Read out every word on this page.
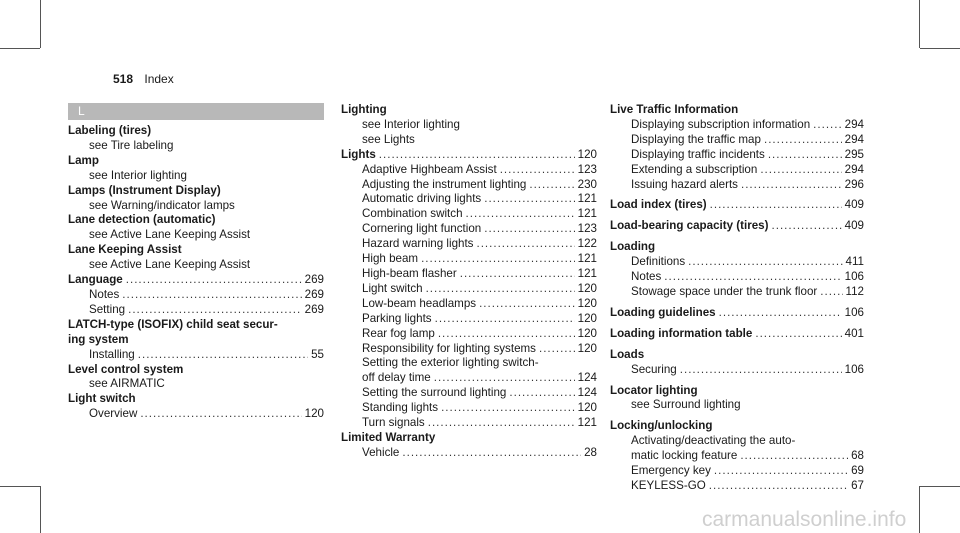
518 Index
L
Labeling (tires)
see Tire labeling
Lamp
see Interior lighting
Lamps (Instrument Display)
see Warning/indicator lamps
Lane detection (automatic)
see Active Lane Keeping Assist
Lane Keeping Assist
see Active Lane Keeping Assist
Language .....	269
Notes .....	269
Setting .....	269
LATCH-type (ISOFIX) child seat secur-
ing system
Installing .....	55
Level control system
see AIRMATIC
Light switch
Overview .....	120
Lighting
see Interior lighting
see Lights
Lights .....	120
Adaptive Highbeam Assist .....	123
Adjusting the instrument lighting .....	230
Automatic driving lights .....	121
Combination switch .....	121
Cornering light function .....	123
Hazard warning lights .....	122
High beam .....	121
High-beam flasher .....	121
Light switch .....	120
Low-beam headlamps .....	120
Parking lights .....	120
Rear fog lamp .....	120
Responsibility for lighting systems .....	120
Setting the exterior lighting switch-
off delay time .....	124
Setting the surround lighting .....	124
Standing lights .....	120
Turn signals .....	121
Limited Warranty
Vehicle .....	28
Live Traffic Information
Displaying subscription information .....	294
Displaying the traffic map .....	294
Displaying traffic incidents .....	295
Extending a subscription .....	294
Issuing hazard alerts .....	296
Load index (tires) .....	409
Load-bearing capacity (tires) .....	409
Loading
Definitions .....	411
Notes .....	106
Stowage space under the trunk floor ..... 112
Loading guidelines .....	106
Loading information table .....	401
Loads
Securing .....	106
Locator lighting
see Surround lighting
Locking/unlocking
Activating/deactivating the auto-
matic locking feature .....	68
Emergency key .....	69
KEYLESS-GO .....	67
carmanualsonline.info
